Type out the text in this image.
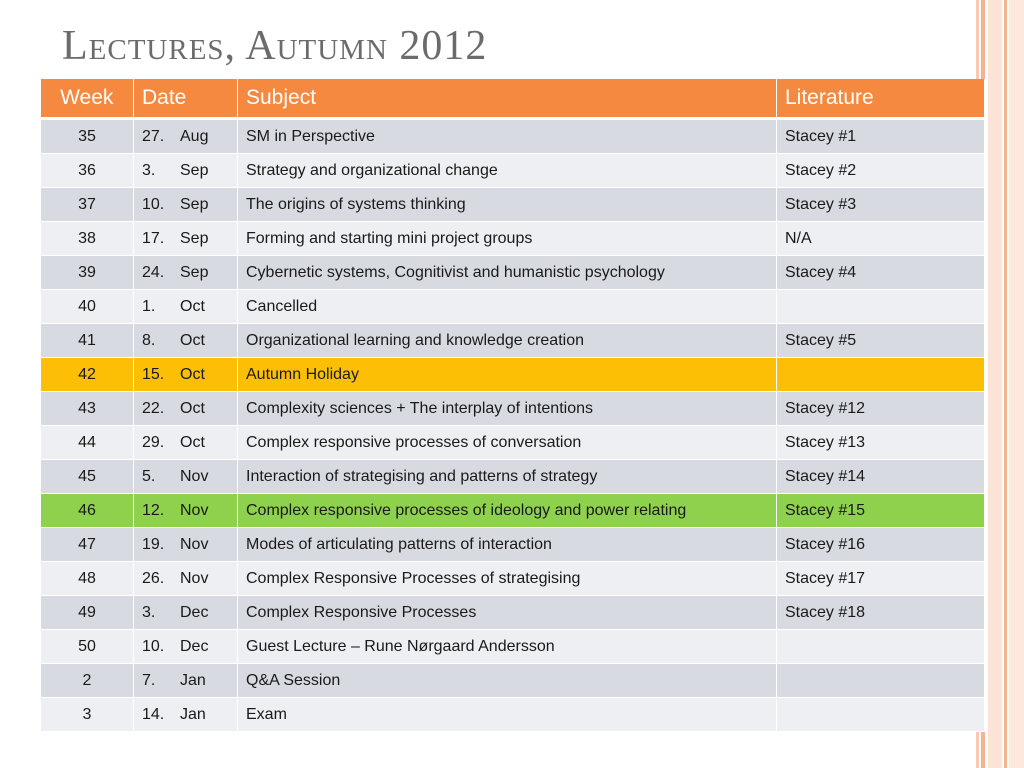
Lectures, Autumn 2012
Week	Date	Subject	Literature
35	27. Aug	SM in Perspective	Stacey #1
36	3. Sep	Strategy and organizational change	Stacey #2
37	10. Sep	The origins of systems thinking	Stacey #3
38	17. Sep	Forming and starting mini project groups	N/A
39	24. Sep	Cybernetic systems, Cognitivist and humanistic psychology	Stacey #4
40	1. Oct	Cancelled	
41	8. Oct	Organizational learning and knowledge creation	Stacey #5
42	15. Oct	Autumn Holiday	
43	22. Oct	Complexity sciences + The interplay of intentions	Stacey #12
44	29. Oct	Complex responsive processes of conversation	Stacey #13
45	5. Nov	Interaction of strategising and patterns of strategy	Stacey #14
46	12. Nov	Complex responsive processes of ideology and power relating	Stacey #15
47	19. Nov	Modes of articulating patterns of interaction	Stacey #16
48	26. Nov	Complex Responsive Processes of strategising	Stacey #17
49	3. Dec	Complex Responsive Processes	Stacey #18
50	10. Dec	Guest Lecture – Rune Nørgaard Andersson	
2	7. Jan	Q&A Session	
3	14. Jan	Exam	
